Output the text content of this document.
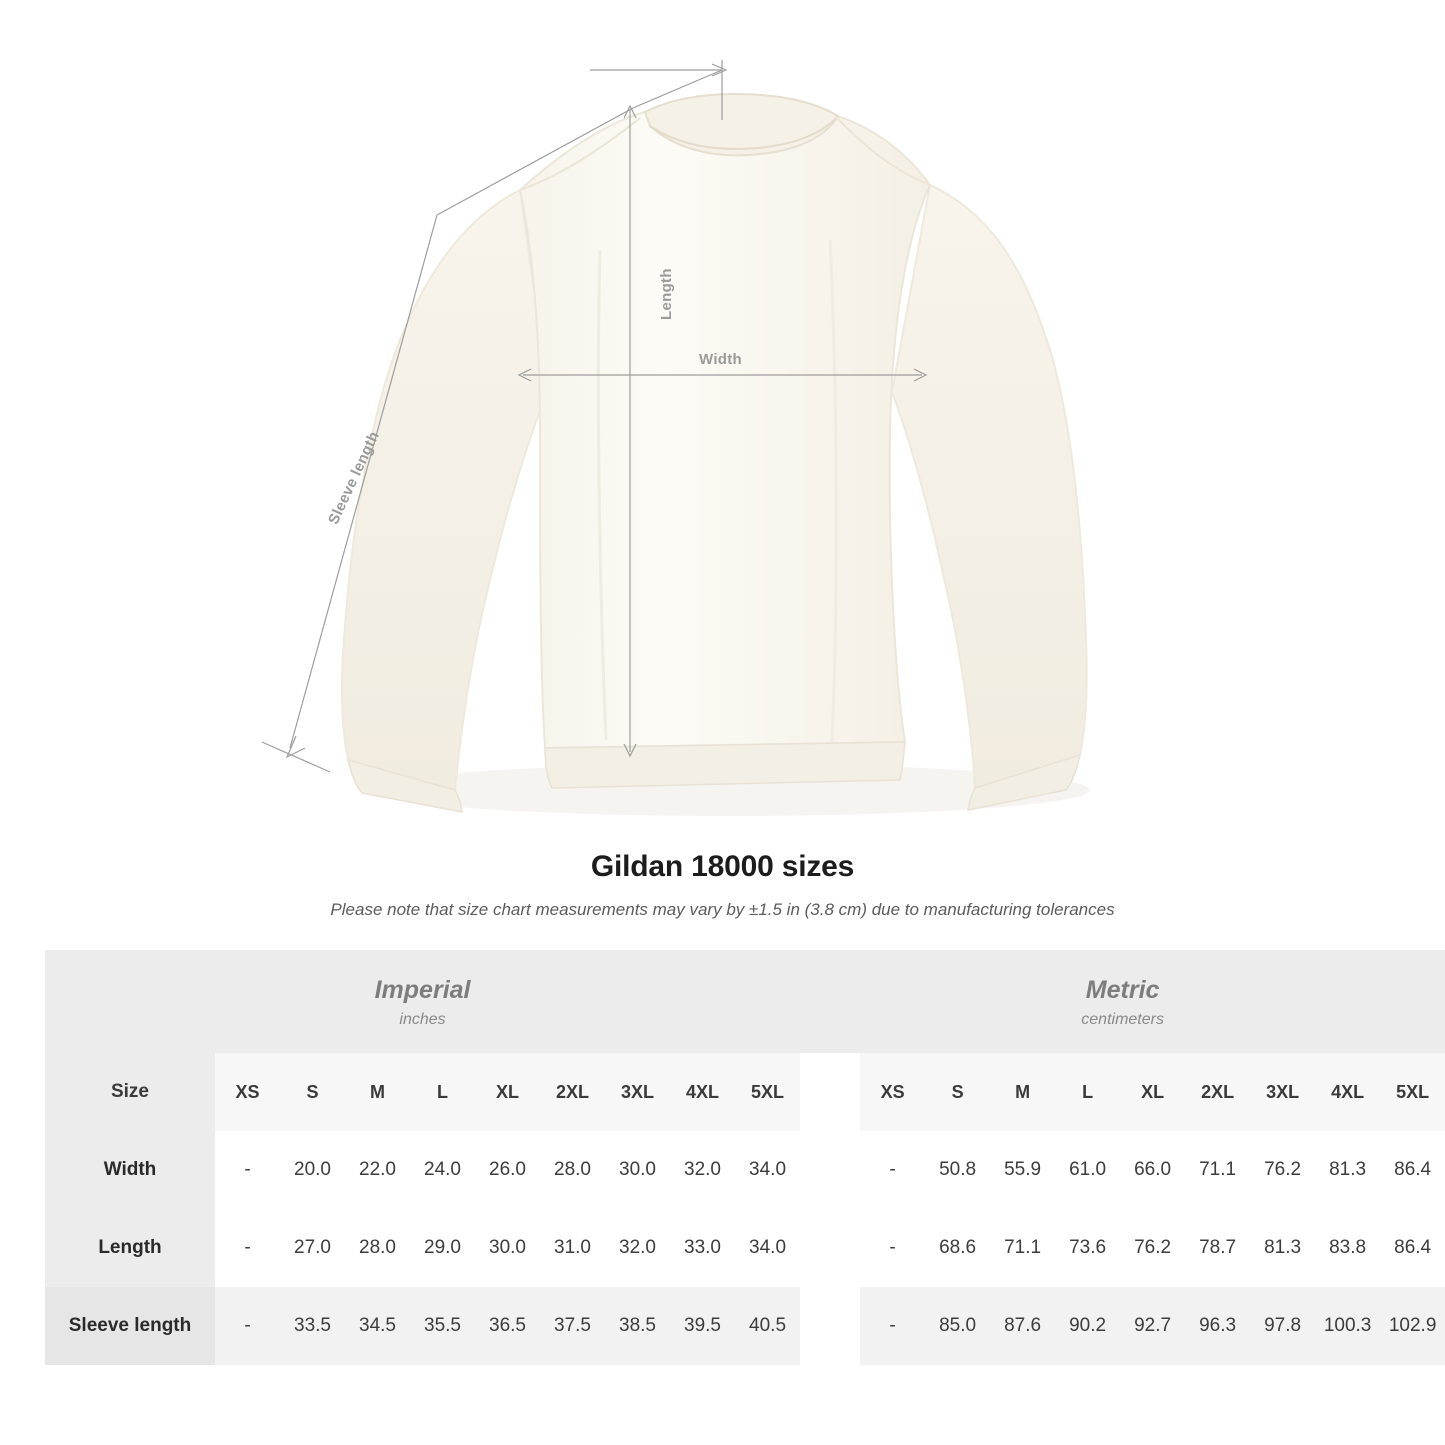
Length
Width
Sleeve length
Gildan 18000 sizes
Please note that size chart measurements may vary by ±1.5 in (3.8 cm) due to manufacturing tolerances
Imperial
inches

Metric
centimeters

Size	XS	S	M	L	XL	2XL	3XL	4XL	5XL		XS	S	M	L	XL	2XL	3XL	4XL	5XL
Width	-	20.0	22.0	24.0	26.0	28.0	30.0	32.0	34.0		-	50.8	55.9	61.0	66.0	71.1	76.2	81.3	86.4
Length	-	27.0	28.0	29.0	30.0	31.0	32.0	33.0	34.0		-	68.6	71.1	73.6	76.2	78.7	81.3	83.8	86.4
Sleeve length	-	33.5	34.5	35.5	36.5	37.5	38.5	39.5	40.5		-	85.0	87.6	90.2	92.7	96.3	97.8	100.3	102.9
